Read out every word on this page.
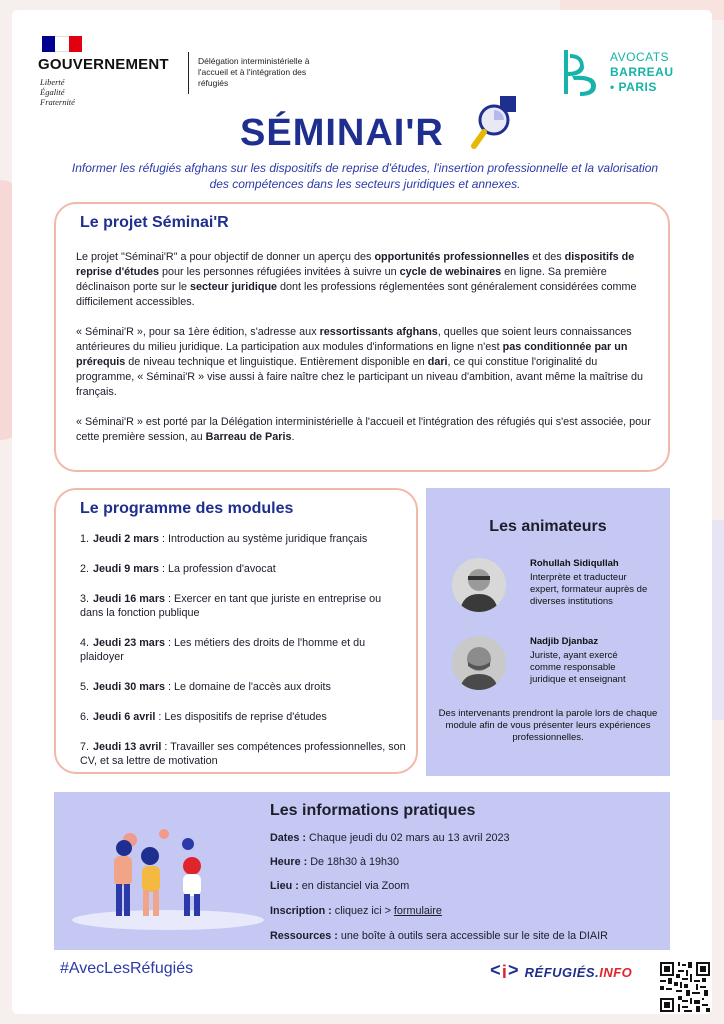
GOUVERNEMENT
Liberté
Égalité
Fraternité
Délégation interministérielle à l'accueil et à l'intégration des réfugiés
AVOCATS
BARREAU
• PARIS
SÉMINAI'R
Informer les réfugiés afghans sur les dispositifs de reprise d'études, l'insertion professionnelle et la valorisation des compétences dans les secteurs juridiques et annexes.
Le projet Séminai'R

Le projet "Séminai'R" a pour objectif de donner un aperçu des opportunités professionnelles et des dispositifs de reprise d'études pour les personnes réfugiées invitées à suivre un cycle de webinaires en ligne. Sa première déclinaison porte sur le secteur juridique dont les professions réglementées sont généralement considérées comme difficilement accessibles.

« Séminai'R », pour sa 1ère édition, s'adresse aux ressortissants afghans, quelles que soient leurs connaissances antérieures du milieu juridique. La participation aux modules d'informations en ligne n'est pas conditionnée par un prérequis de niveau technique et linguistique. Entièrement disponible en dari, ce qui constitue l'originalité du programme, « Séminai'R » vise aussi à faire naître chez le participant un niveau d'ambition, avant même la maîtrise du français.

« Séminai'R » est porté par la Délégation interministérielle à l'accueil et l'intégration des réfugiés qui s'est associée, pour cette première session, au Barreau de Paris.

Le programme des modules
1. Jeudi 2 mars : Introduction au système juridique français
2. Jeudi 9 mars : La profession d'avocat
3. Jeudi 16 mars : Exercer en tant que juriste en entreprise ou dans la fonction publique
4. Jeudi 23 mars : Les métiers des droits de l'homme et du plaidoyer
5. Jeudi 30 mars : Le domaine de l'accès aux droits
6. Jeudi 6 avril : Les dispositifs de reprise d'études
7. Jeudi 13 avril : Travailler ses compétences professionnelles, son CV, et sa lettre de motivation
Les animateurs
Rohullah Sidiqullah
Interprète et traducteur expert, formateur auprès de diverses institutions
Nadjib Djanbaz
Juriste, ayant exercé comme responsable juridique et enseignant
Des intervenants prendront la parole lors de chaque module afin de vous présenter leurs expériences professionnelles.
Les informations pratiques
Dates : Chaque jeudi du 02 mars au 13 avril 2023
Heure : De 18h30 à 19h30
Lieu : en distanciel via Zoom
Inscription : cliquez ici > formulaire
Ressources : une boîte à outils sera accessible sur le site de la DIAIR
#AvecLesRéfugiés	< i > RÉFUGIÉS.INFO
